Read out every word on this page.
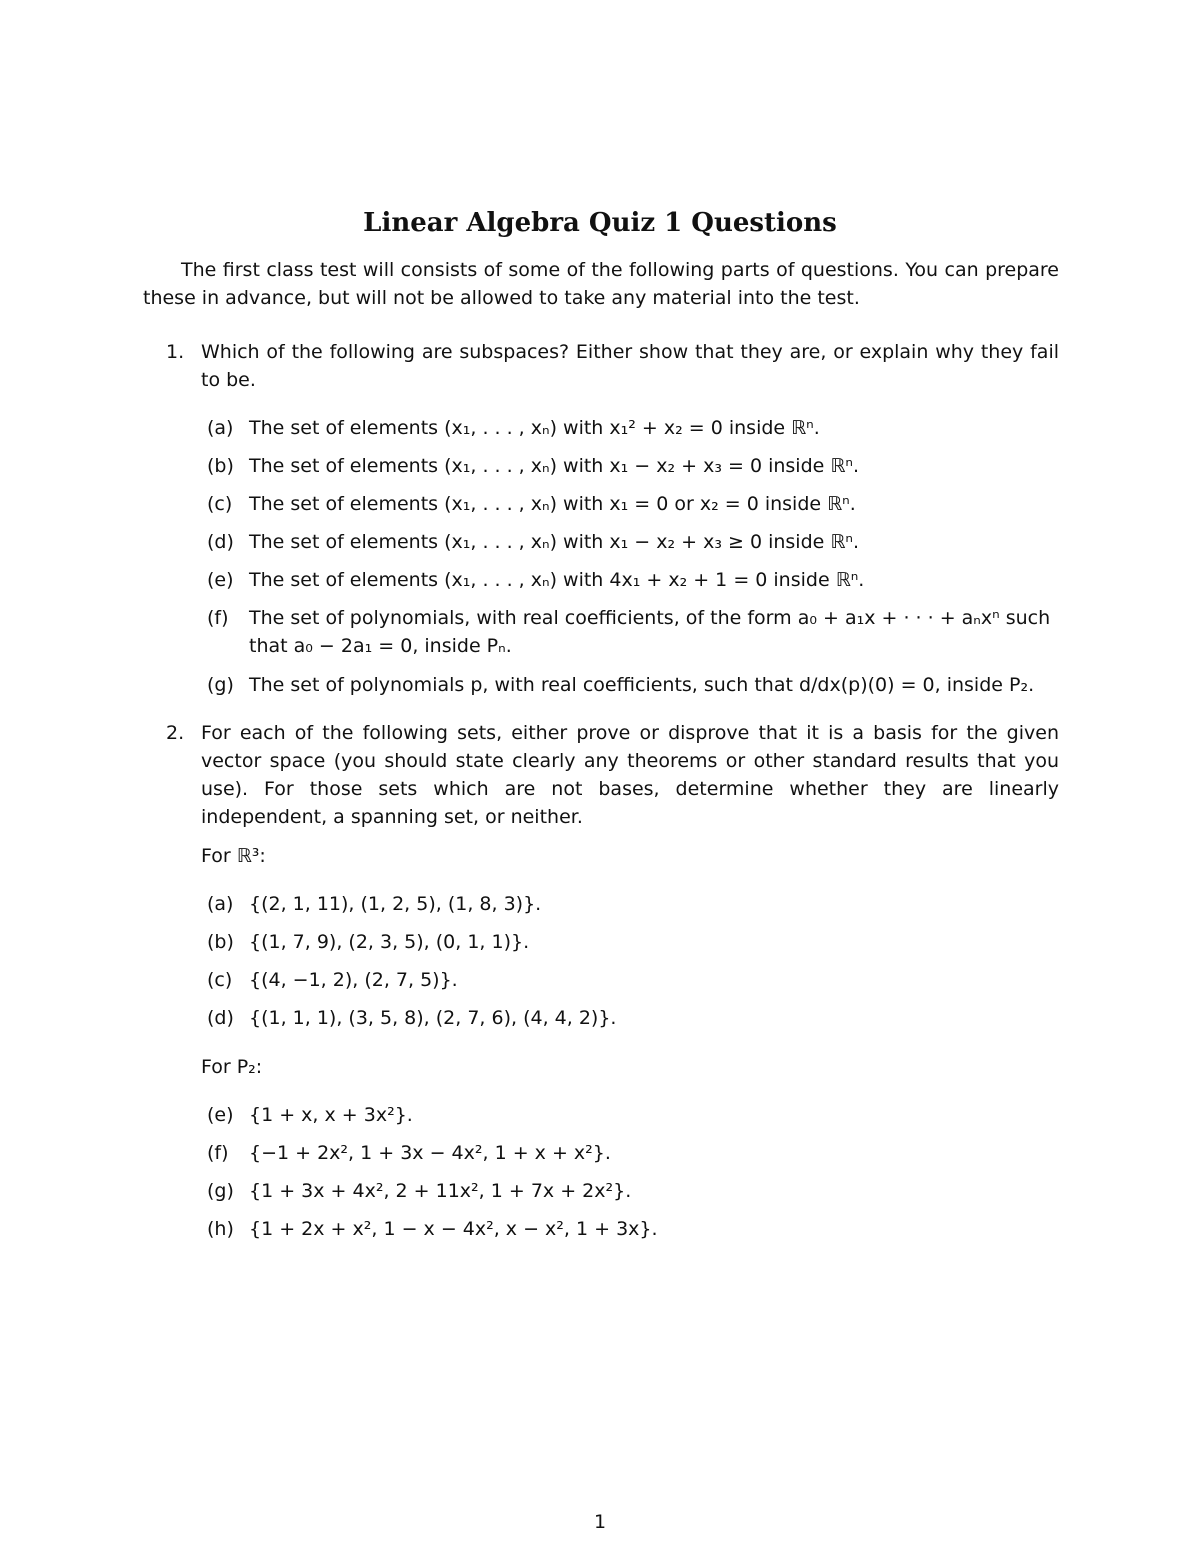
Linear Algebra Quiz 1 Questions
The first class test will consists of some of the following parts of questions. You can prepare these in advance, but will not be allowed to take any material into the test.
1. Which of the following are subspaces? Either show that they are, or explain why they fail to be.
(a) The set of elements (x₁, . . . , xₙ) with x₁² + x₂ = 0 inside ℝⁿ.
(b) The set of elements (x₁, . . . , xₙ) with x₁ − x₂ + x₃ = 0 inside ℝⁿ.
(c) The set of elements (x₁, . . . , xₙ) with x₁ = 0 or x₂ = 0 inside ℝⁿ.
(d) The set of elements (x₁, . . . , xₙ) with x₁ − x₂ + x₃ ≥ 0 inside ℝⁿ.
(e) The set of elements (x₁, . . . , xₙ) with 4x₁ + x₂ + 1 = 0 inside ℝⁿ.
(f) The set of polynomials, with real coefficients, of the form a₀ + a₁x + · · · + aₙxⁿ such that a₀ − 2a₁ = 0, inside Pₙ.
(g) The set of polynomials p, with real coefficients, such that d/dx(p)(0) = 0, inside P₂.
2. For each of the following sets, either prove or disprove that it is a basis for the given vector space (you should state clearly any theorems or other standard results that you use). For those sets which are not bases, determine whether they are linearly independent, a spanning set, or neither.
For ℝ³:
(a) {(2, 1, 11), (1, 2, 5), (1, 8, 3)}.
(b) {(1, 7, 9), (2, 3, 5), (0, 1, 1)}.
(c) {(4, −1, 2), (2, 7, 5)}.
(d) {(1, 1, 1), (3, 5, 8), (2, 7, 6), (4, 4, 2)}.
For P₂:
(e) {1 + x, x + 3x²}.
(f) {−1 + 2x², 1 + 3x − 4x², 1 + x + x²}.
(g) {1 + 3x + 4x², 2 + 11x², 1 + 7x + 2x²}.
(h) {1 + 2x + x², 1 − x − 4x², x − x², 1 + 3x}.
1
